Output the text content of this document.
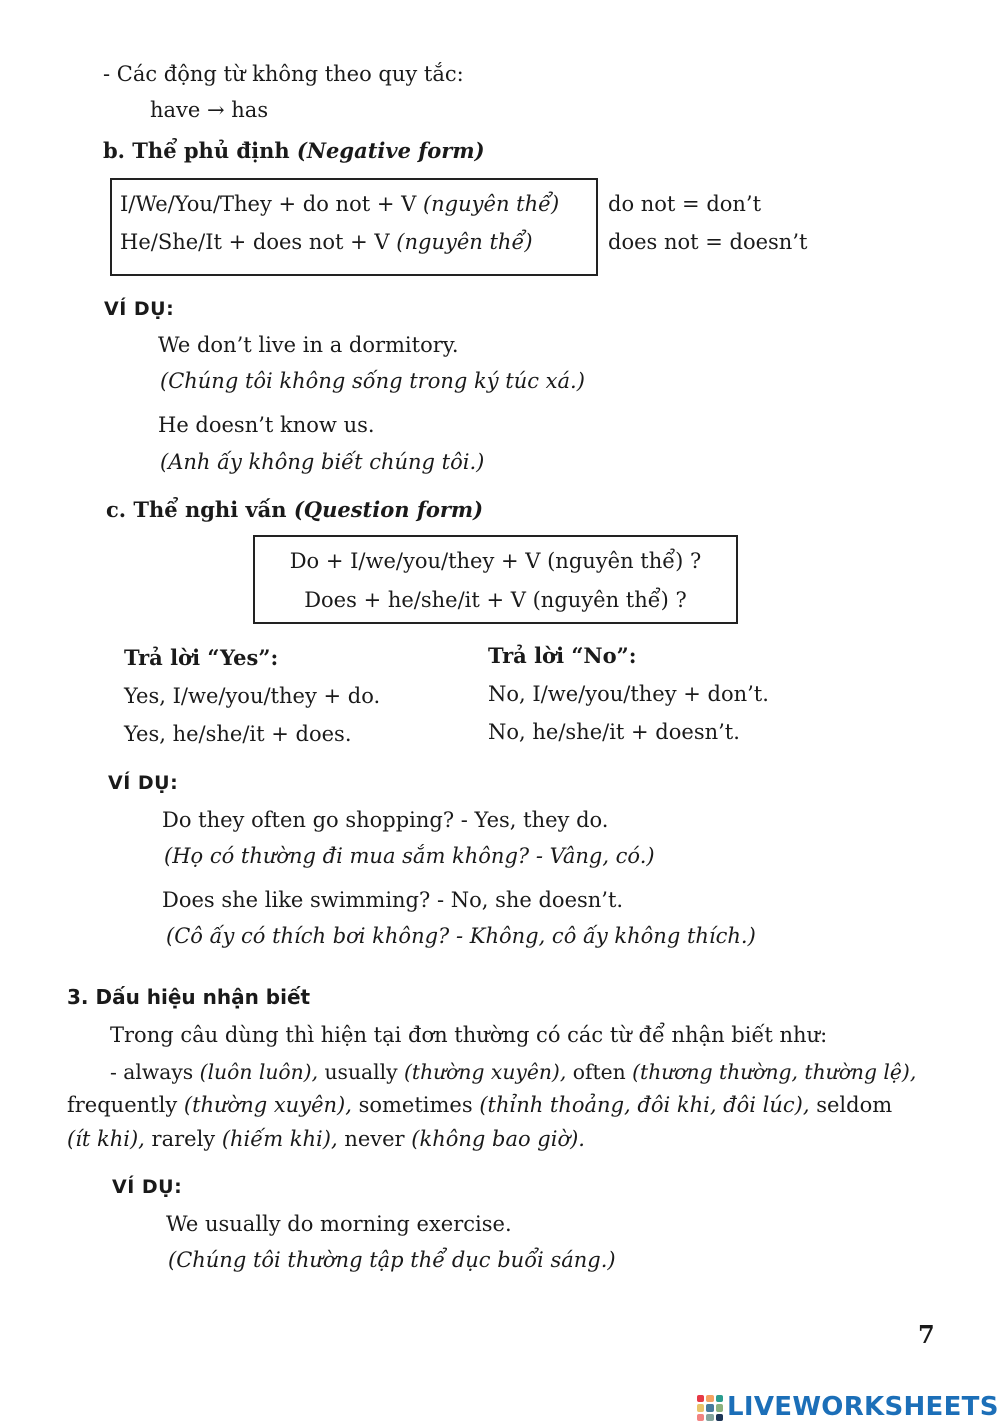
- Các động từ không theo quy tắc:
have → has
b. Thể phủ định (Negative form)
I/We/You/They + do not + V (nguyên thể)
He/She/It + does not + V (nguyên thể)
do not = don’t
does not = doesn’t
VÍ DỤ:
We don’t live in a dormitory.
(Chúng tôi không sống trong ký túc xá.)
He doesn’t know us.
(Anh ấy không biết chúng tôi.)
c. Thể nghi vấn (Question form)
Do + I/we/you/they + V (nguyên thể) ?
Does + he/she/it + V (nguyên thể) ?
Trả lời “Yes”:
Yes, I/we/you/they + do.
Yes, he/she/it + does.
Trả lời “No”:
No, I/we/you/they + don’t.
No, he/she/it + doesn’t.
VÍ DỤ:
Do they often go shopping? - Yes, they do.
(Họ có thường đi mua sắm không? - Vâng, có.)
Does she like swimming? - No, she doesn’t.
(Cô ấy có thích bơi không? - Không, cô ấy không thích.)
3. Dấu hiệu nhận biết
Trong câu dùng thì hiện tại đơn thường có các từ để nhận biết như:
- always (luôn luôn), usually (thường xuyên), often (thương thường, thường lệ),
frequently (thường xuyên), sometimes (thỉnh thoảng, đôi khi, đôi lúc), seldom
(ít khi), rarely (hiếm khi), never (không bao giờ).
VÍ DỤ:
We usually do morning exercise.
(Chúng tôi thường tập thể dục buổi sáng.)
7
LIVEWORKSHEETS
